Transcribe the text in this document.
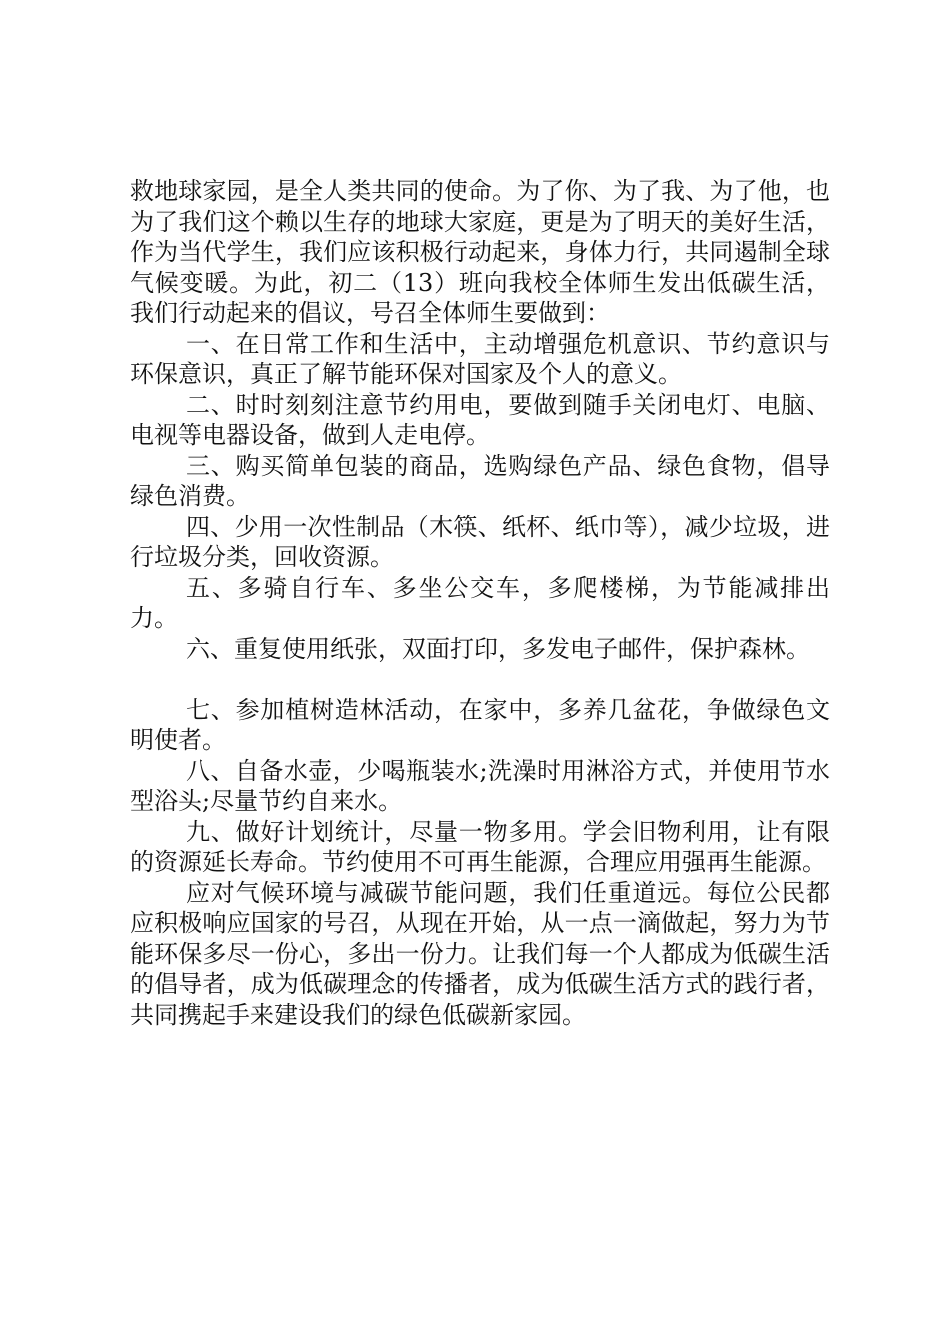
救地球家园，是全人类共同的使命。为了你、为了我、为了他，也为了我们这个赖以生存的地球大家庭，更是为了明天的美好生活，作为当代学生，我们应该积极行动起来，身体力行，共同遏制全球气候变暖。为此，初二（13）班向我校全体师生发出低碳生活，我们行动起来的倡议，号召全体师生要做到：

一、在日常工作和生活中，主动增强危机意识、节约意识与环保意识，真正了解节能环保对国家及个人的意义。

二、时时刻刻注意节约用电，要做到随手关闭电灯、电脑、电视等电器设备，做到人走电停。

三、购买简单包装的商品，选购绿色产品、绿色食物，倡导绿色消费。

四、少用一次性制品（木筷、纸杯、纸巾等），减少垃圾，进行垃圾分类，回收资源。

五、多骑自行车、多坐公交车，多爬楼梯，为节能减排出力。

六、重复使用纸张，双面打印，多发电子邮件，保护森林。

七、参加植树造林活动，在家中，多养几盆花，争做绿色文明使者。

八、自备水壶，少喝瓶装水;洗澡时用淋浴方式，并使用节水型浴头;尽量节约自来水。

九、做好计划统计，尽量一物多用。学会旧物利用，让有限的资源延长寿命。节约使用不可再生能源，合理应用强再生能源。

应对气候环境与减碳节能问题，我们任重道远。每位公民都应积极响应国家的号召，从现在开始，从一点一滴做起，努力为节能环保多尽一份心，多出一份力。让我们每一个人都成为低碳生活的倡导者，成为低碳理念的传播者，成为低碳生活方式的践行者，共同携起手来建设我们的绿色低碳新家园。
